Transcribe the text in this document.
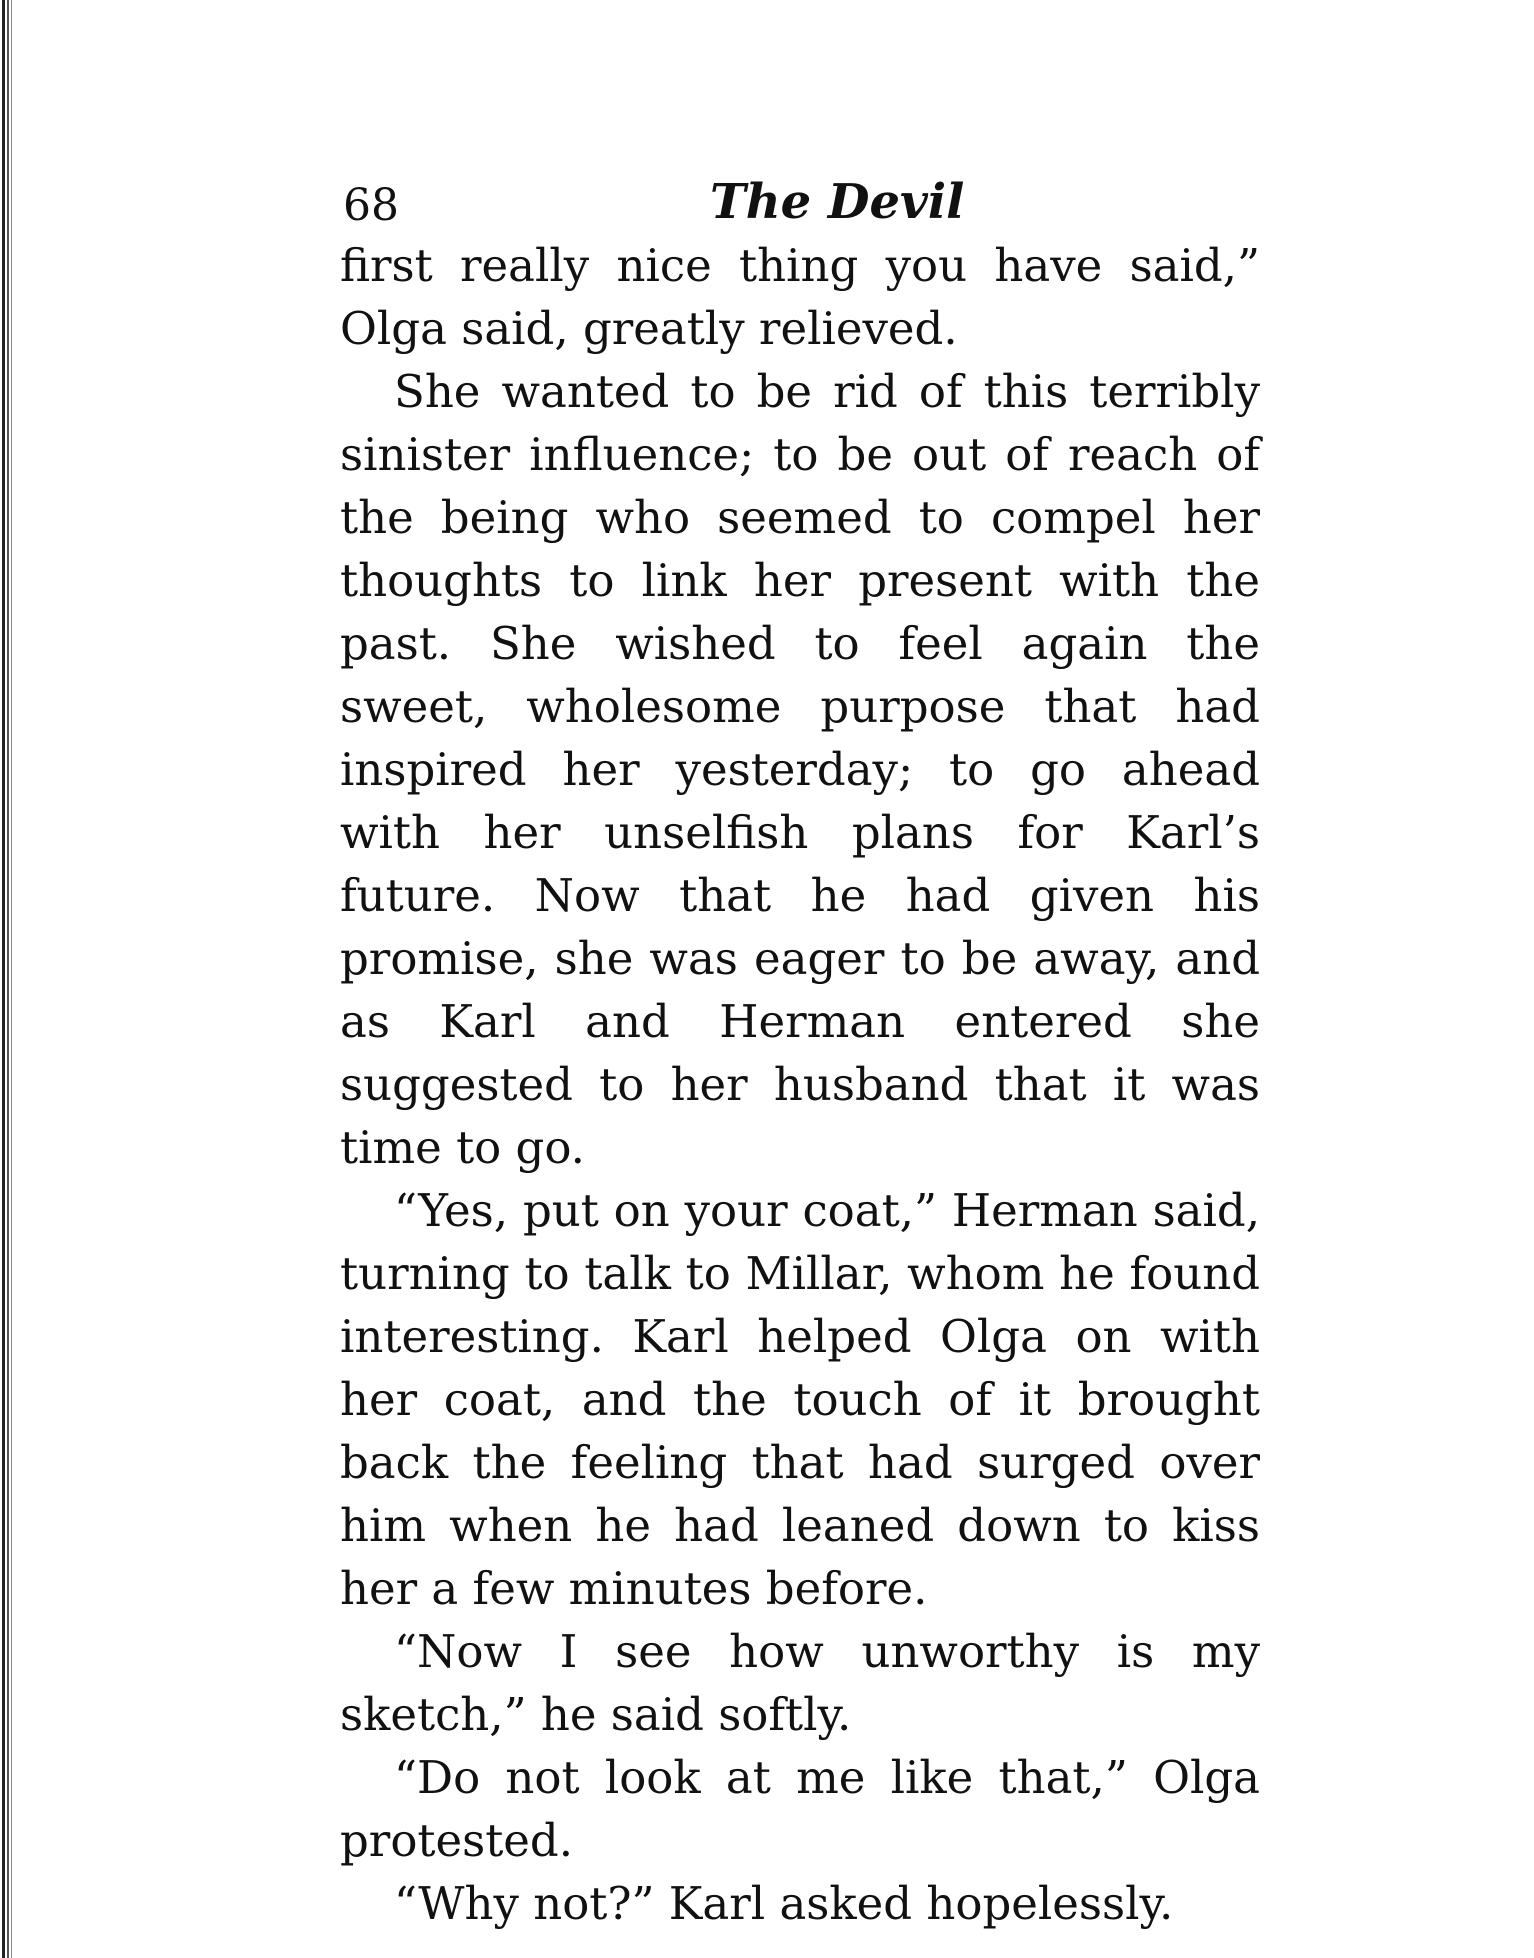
68	The Devil

first really nice thing you have said,” Olga said, greatly relieved.

She wanted to be rid of this terribly sinister influence; to be out of reach of the being who seemed to compel her thoughts to link her present with the past. She wished to feel again the sweet, wholesome purpose that had inspired her yesterday; to go ahead with her unselfish plans for Karl’s future. Now that he had given his promise, she was eager to be away, and as Karl and Herman entered she suggested to her husband that it was time to go.

“Yes, put on your coat,” Herman said, turning to talk to Millar, whom he found interesting. Karl helped Olga on with her coat, and the touch of it brought back the feeling that had surged over him when he had leaned down to kiss her a few minutes before.

“Now I see how unworthy is my sketch,” he said softly.

“Do not look at me like that,” Olga protested.

“Why not?” Karl asked hopelessly.
